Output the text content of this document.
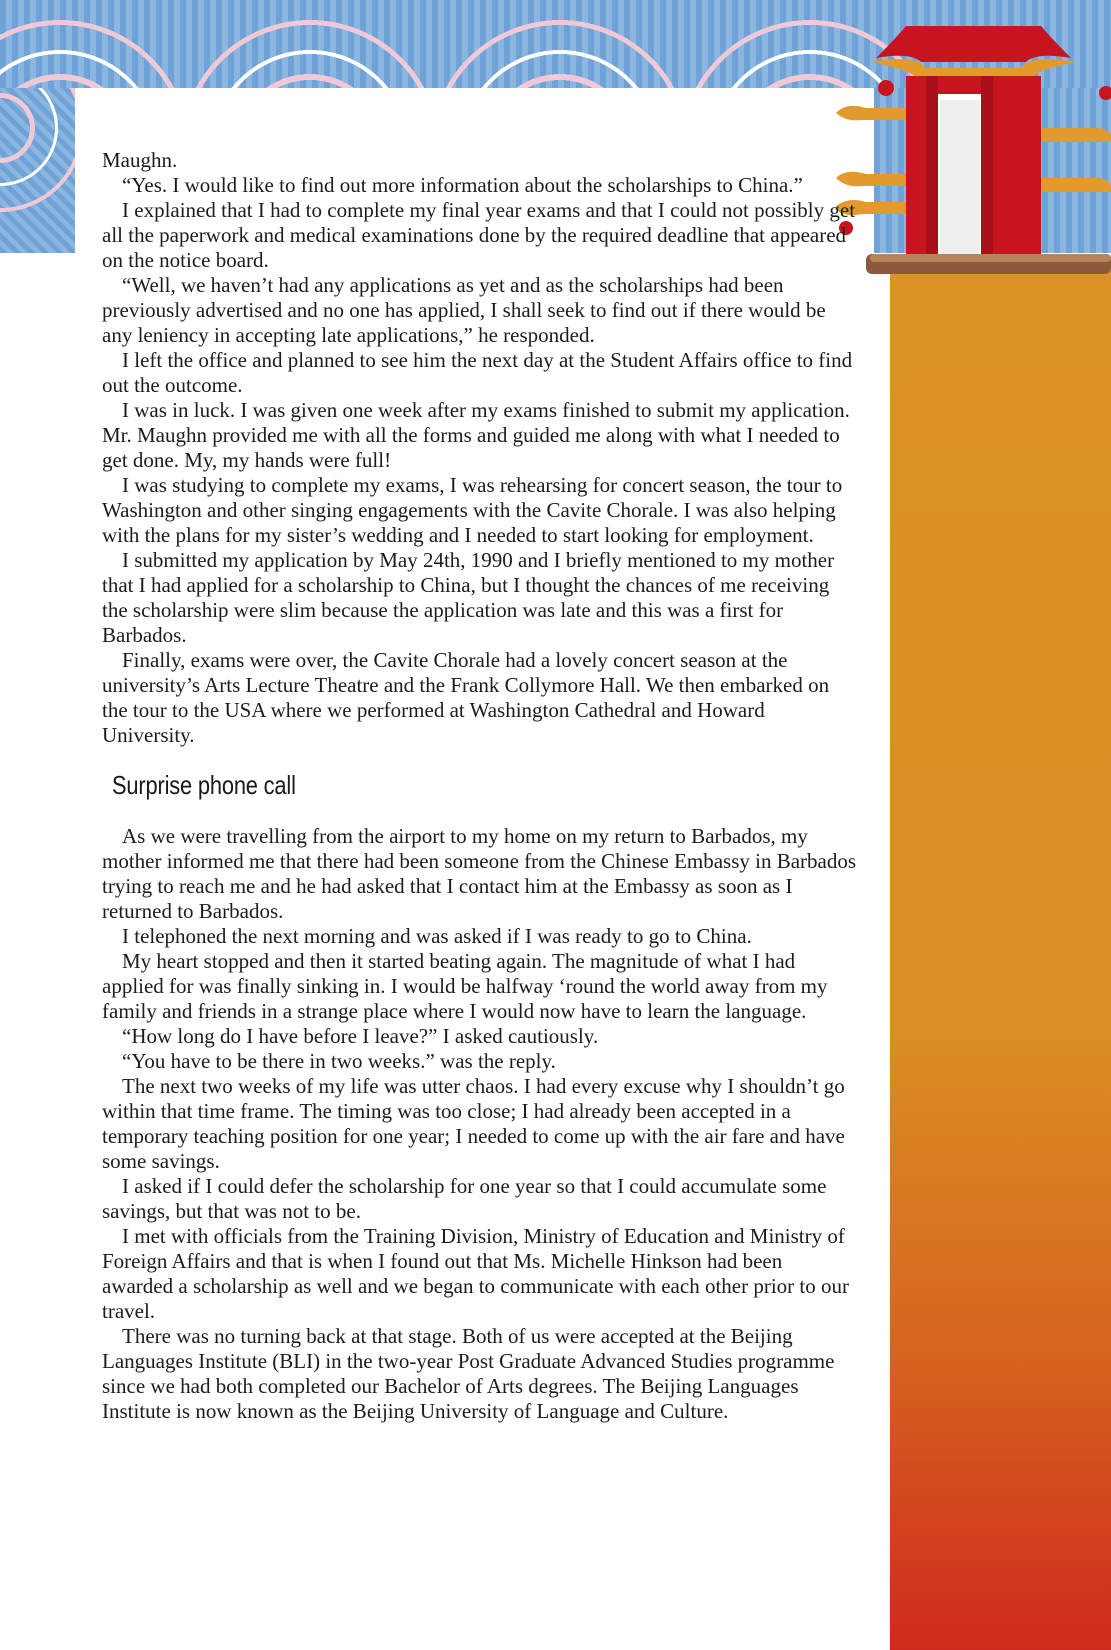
Maughn.

“Yes. I would like to find out more information about the scholarships to China.”

I explained that I had to complete my final year exams and that I could not possibly get all the paperwork and medical examinations done by the required deadline that appeared on the notice board.

“Well, we haven’t had any applications as yet and as the scholarships had been previously advertised and no one has applied, I shall seek to find out if there would be any leniency in accepting late applications,” he responded.

I left the office and planned to see him the next day at the Student Affairs office to find out the outcome.

I was in luck. I was given one week after my exams finished to submit my application. Mr. Maughn provided me with all the forms and guided me along with what I needed to get done. My, my hands were full!

I was studying to complete my exams, I was rehearsing for concert season, the tour to Washington and other singing engagements with the Cavite Chorale. I was also helping with the plans for my sister’s wedding and I needed to start looking for employment.

I submitted my application by May 24th, 1990 and I briefly mentioned to my mother that I had applied for a scholarship to China, but I thought the chances of me receiving the scholarship were slim because the application was late and this was a first for Barbados.

Finally, exams were over, the Cavite Chorale had a lovely concert season at the university’s Arts Lecture Theatre and the Frank Collymore Hall. We then embarked on the tour to the USA where we performed at Washington Cathedral and Howard University.

Surprise phone call

As we were travelling from the airport to my home on my return to Barbados, my mother informed me that there had been someone from the Chinese Embassy in Barbados trying to reach me and he had asked that I contact him at the Embassy as soon as I returned to Barbados.

I telephoned the next morning and was asked if I was ready to go to China.

My heart stopped and then it started beating again. The magnitude of what I had applied for was finally sinking in. I would be halfway ‘round the world away from my family and friends in a strange place where I would now have to learn the language.

“How long do I have before I leave?” I asked cautiously.

“You have to be there in two weeks.” was the reply.

The next two weeks of my life was utter chaos. I had every excuse why I shouldn’t go within that time frame. The timing was too close; I had already been accepted in a temporary teaching position for one year; I needed to come up with the air fare and have some savings.

I asked if I could defer the scholarship for one year so that I could accumulate some savings, but that was not to be.

I met with officials from the Training Division, Ministry of Education and Ministry of Foreign Affairs and that is when I found out that Ms. Michelle Hinkson had been awarded a scholarship as well and we began to communicate with each other prior to our travel.

There was no turning back at that stage. Both of us were accepted at the Beijing Languages Institute (BLI) in the two-year Post Graduate Advanced Studies programme since we had both completed our Bachelor of Arts degrees. The Beijing Languages Institute is now known as the Beijing University of Language and Culture.
